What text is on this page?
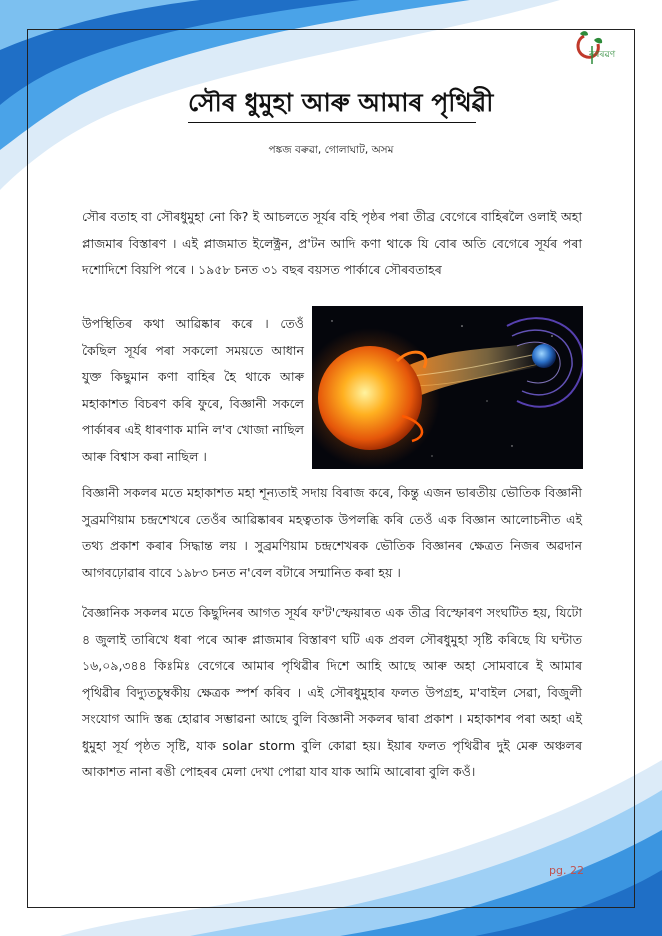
নবৰৱণ
সৌৰ ধুমুহা আৰু আমাৰ পৃথিৱী
পঙ্কজ বৰুৱা, গোলাঘাট, অসম
সৌৰ বতাহ বা সৌৰধুমুহা নো কি? ই আচলতে সূৰ্যৰ বহি পৃষ্ঠৰ পৰা তীব্ৰ বেগেৰে বাহিৰলৈ ওলাই অহা প্লাজমাৰ বিস্তাৰণ । এই প্লাজমাত ইলেক্ট্ৰন, প্ৰ'টন আদি কণা থাকে যি বোৰ অতি বেগেৰে সূৰ্যৰ পৰা দশোদিশে বিয়পি পৰে । ১৯৫৮ চনত ৩১ বছৰ বয়সত পাৰ্কাৰে সৌৰবতাহৰ
উপস্থিতিৰ কথা আৱিষ্কাৰ কৰে । তেওঁ কৈছিল সূৰ্যৰ পৰা সকলো সময়তে আধান যুক্ত কিছুমান কণা বাহিৰ হৈ থাকে আৰু মহাকাশত বিচৰণ কৰি ফুৰে, বিজ্ঞানী সকলে পাৰ্কাৰৰ এই ধাৰণাক মানি ল'ব খোজা নাছিল আৰু বিশ্বাস কৰা নাছিল ।
বিজ্ঞানী সকলৰ মতে মহাকাশত মহা শূন্যতাই সদায় বিৰাজ কৰে, কিন্তু এজন ভাৰতীয় ভৌতিক বিজ্ঞানী সুব্ৰমণিয়াম চন্দ্ৰশেখৰে তেওঁৰ আৱিষ্কাৰৰ মহত্বতাক উপলব্ধি কৰি তেওঁ এক বিজ্ঞান আলোচনীত এই তথ্য প্ৰকাশ কৰাৰ সিদ্ধান্ত লয় । সুব্ৰমণিয়াম চন্দ্ৰশেখৰক ভৌতিক বিজ্ঞানৰ ক্ষেত্ৰত নিজৰ অৱদান আগবঢ়োৱাৰ বাবে ১৯৮৩ চনত ন'বেল বটাৰে সন্মানিত কৰা হয় ।
বৈজ্ঞানিক সকলৰ মতে কিছুদিনৰ আগত সূৰ্যৰ ফ'ট'স্ফেয়াৰত এক তীব্ৰ বিস্ফোৰণ সংঘটিত হয়, যিটো ৪ জুলাই তাৰিখে ধৰা পৰে আৰু প্লাজমাৰ বিস্তাৰণ ঘটি এক প্ৰবল সৌৰধুমুহা সৃষ্টি কৰিছে যি ঘন্টাত ১৬,০৯,৩৪৪ কিঃমিঃ বেগেৰে আমাৰ পৃথিৱীৰ দিশে আহি আছে আৰু অহা সোমবাৰে ই আমাৰ পৃথিৱীৰ বিদ্যুতচুম্বকীয় ক্ষেত্ৰক স্পৰ্শ কৰিব । এই সৌৰধুমুহাৰ ফলত উপগ্ৰহ, ম'বাইল সেৱা, বিজুলী সংযোগ আদি স্তব্ধ হোৱাৰ সম্ভাৱনা আছে বুলি বিজ্ঞানী সকলৰ দ্বাৰা প্ৰকাশ । মহাকাশৰ পৰা অহা এই ধুমুহা সূৰ্য পৃষ্ঠত সৃষ্টি, যাক solar storm বুলি কোৱা হয়। ইয়াৰ ফলত পৃথিৱীৰ দুই মেৰু অঞ্চলৰ আকাশত নানা ৰঙী পোহৰৰ মেলা দেখা পোৱা যাব যাক আমি আৰোৰা বুলি কওঁ।
pg. 22
